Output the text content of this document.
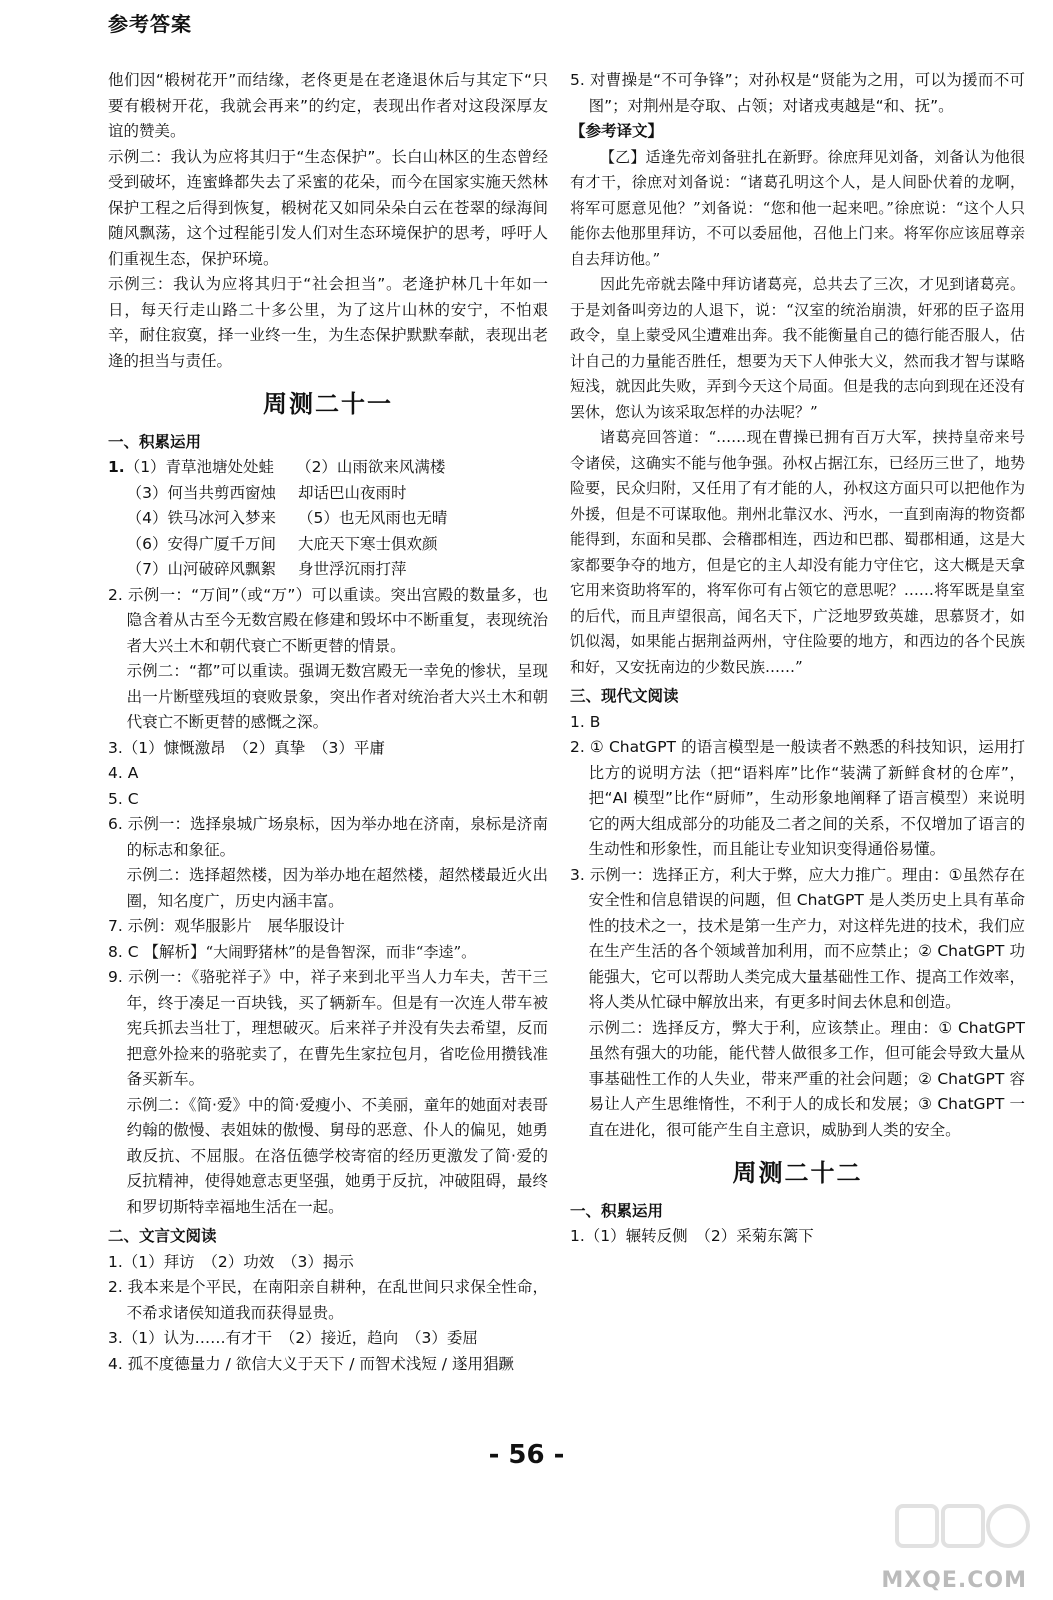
参考答案

他们因“椴树花开”而结缘，老佟更是在老逄退休后与其定下“只要有椴树开花，我就会再来”的约定，表现出作者对这段深厚友谊的赞美。

示例二：我认为应将其归于“生态保护”。长白山林区的生态曾经受到破坏，连蜜蜂都失去了采蜜的花朵，而今在国家实施天然林保护工程之后得到恢复，椴树花又如同朵朵白云在苍翠的绿海间随风飘荡，这个过程能引发人们对生态环境保护的思考，呼吁人们重视生态，保护环境。

示例三：我认为应将其归于“社会担当”。老逄护林几十年如一日，每天行走山路二十多公里，为了这片山林的安宁，不怕艰辛，耐住寂寞，择一业终一生，为生态保护默默奉献，表现出老逄的担当与责任。

周测二十一
一、积累运用
1. （1）青草池塘处处蛙 （2）山雨欲来风满楼
（3）何当共剪西窗烛 却话巴山夜雨时
（4）铁马冰河入梦来 （5）也无风雨也无晴
（6）安得广厦千万间 大庇天下寒士俱欢颜
（7）山河破碎风飘絮 身世浮沉雨打萍

2. 示例一：“万间”（或“万”）可以重读。突出宫殿的数量多，也隐含着从古至今无数宫殿在修建和毁坏中不断重复，表现统治者大兴土木和朝代衰亡不断更替的情景。

示例二：“都”可以重读。强调无数宫殿无一幸免的惨状，呈现出一片断壁残垣的衰败景象，突出作者对统治者大兴土木和朝代衰亡不断更替的感慨之深。

3.（1）慷慨激昂　（2）真挚　（3）平庸

4. A

5. C

6. 示例一：选择泉城广场泉标，因为举办地在济南，泉标是济南的标志和象征。

示例二：选择超然楼，因为举办地在超然楼，超然楼最近火出圈，知名度广，历史内涵丰富。

7. 示例：观华服影片　展华服设计

8. C 【解析】“大闹野猪林”的是鲁智深，而非“李逵”。

9. 示例一：《骆驼祥子》中，祥子来到北平当人力车夫，苦干三年，终于凑足一百块钱，买了辆新车。但是有一次连人带车被宪兵抓去当壮丁，理想破灭。后来祥子并没有失去希望，反而把意外捡来的骆驼卖了，在曹先生家拉包月，省吃俭用攒钱准备买新车。

示例二：《简·爱》中的简·爱瘦小、不美丽，童年的她面对表哥约翰的傲慢、表姐妹的傲慢、舅母的恶意、仆人的偏见，她勇敢反抗、不屈服。在洛伍德学校寄宿的经历更激发了简·爱的反抗精神，使得她意志更坚强，她勇于反抗，冲破阻碍，最终和罗切斯特幸福地生活在一起。

二、文言文阅读

1.（1）拜访　（2）功效　（3）揭示

2. 我本来是个平民，在南阳亲自耕种，在乱世间只求保全性命，不希求诸侯知道我而获得显贵。

3.（1）认为……有才干　（2）接近，趋向　（3）委屈

4. 孤不度德量力 / 欲信大义于天下 / 而智术浅短 / 遂用猖蹶

5. 对曹操是“不可争锋”；对孙权是“贤能为之用，可以为援而不可图”；对荆州是夺取、占领；对诸戎夷越是“和、抚”。

【参考译文】

【乙】适逢先帝刘备驻扎在新野。徐庶拜见刘备，刘备认为他很有才干，徐庶对刘备说：“诸葛孔明这个人，是人间卧伏着的龙啊，将军可愿意见他？”刘备说：“您和他一起来吧。”徐庶说：“这个人只能你去他那里拜访，不可以委屈他，召他上门来。将军你应该屈尊亲自去拜访他。”

因此先帝就去隆中拜访诸葛亮，总共去了三次，才见到诸葛亮。于是刘备叫旁边的人退下，说：“汉室的统治崩溃，奸邪的臣子盗用政令，皇上蒙受风尘遭难出奔。我不能衡量自己的德行能否服人，估计自己的力量能否胜任，想要为天下人伸张大义，然而我才智与谋略短浅，就因此失败，弄到今天这个局面。但是我的志向到现在还没有罢休，您认为该采取怎样的办法呢？”

诸葛亮回答道：“……现在曹操已拥有百万大军，挟持皇帝来号令诸侯，这确实不能与他争强。孙权占据江东，已经历三世了，地势险要，民众归附，又任用了有才能的人，孙权这方面只可以把他作为外援，但是不可谋取他。荆州北靠汉水、沔水，一直到南海的物资都能得到，东面和吴郡、会稽郡相连，西边和巴郡、蜀郡相通，这是大家都要争夺的地方，但是它的主人却没有能力守住它，这大概是天拿它用来资助将军的，将军你可有占领它的意思呢？……将军既是皇室的后代，而且声望很高，闻名天下，广泛地罗致英雄，思慕贤才，如饥似渴，如果能占据荆益两州，守住险要的地方，和西边的各个民族和好，又安抚南边的少数民族……”

三、现代文阅读

1. B

2. ① ChatGPT 的语言模型是一般读者不熟悉的科技知识，运用打比方的说明方法（把“语料库”比作“装满了新鲜食材的仓库”，把“AI 模型”比作“厨师”，生动形象地阐释了语言模型）来说明它的两大组成部分的功能及二者之间的关系，不仅增加了语言的生动性和形象性，而且能让专业知识变得通俗易懂。

3. 示例一：选择正方，利大于弊，应大力推广。理由：①虽然存在安全性和信息错误的问题，但 ChatGPT 是人类历史上具有革命性的技术之一，技术是第一生产力，对这样先进的技术，我们应在生产生活的各个领域普加利用，而不应禁止；② ChatGPT 功能强大，它可以帮助人类完成大量基础性工作、提高工作效率，将人类从忙碌中解放出来，有更多时间去休息和创造。

示例二：选择反方，弊大于利，应该禁止。理由：① ChatGPT 虽然有强大的功能，能代替人做很多工作，但可能会导致大量从事基础性工作的人失业，带来严重的社会问题；② ChatGPT 容易让人产生思维惰性，不利于人的成长和发展；③ ChatGPT 一直在进化，很可能产生自主意识，威胁到人类的安全。

周测二十二
一、积累运用

1.（1）辗转反侧　（2）采菊东篱下

- 56 -
MXQE.COM
